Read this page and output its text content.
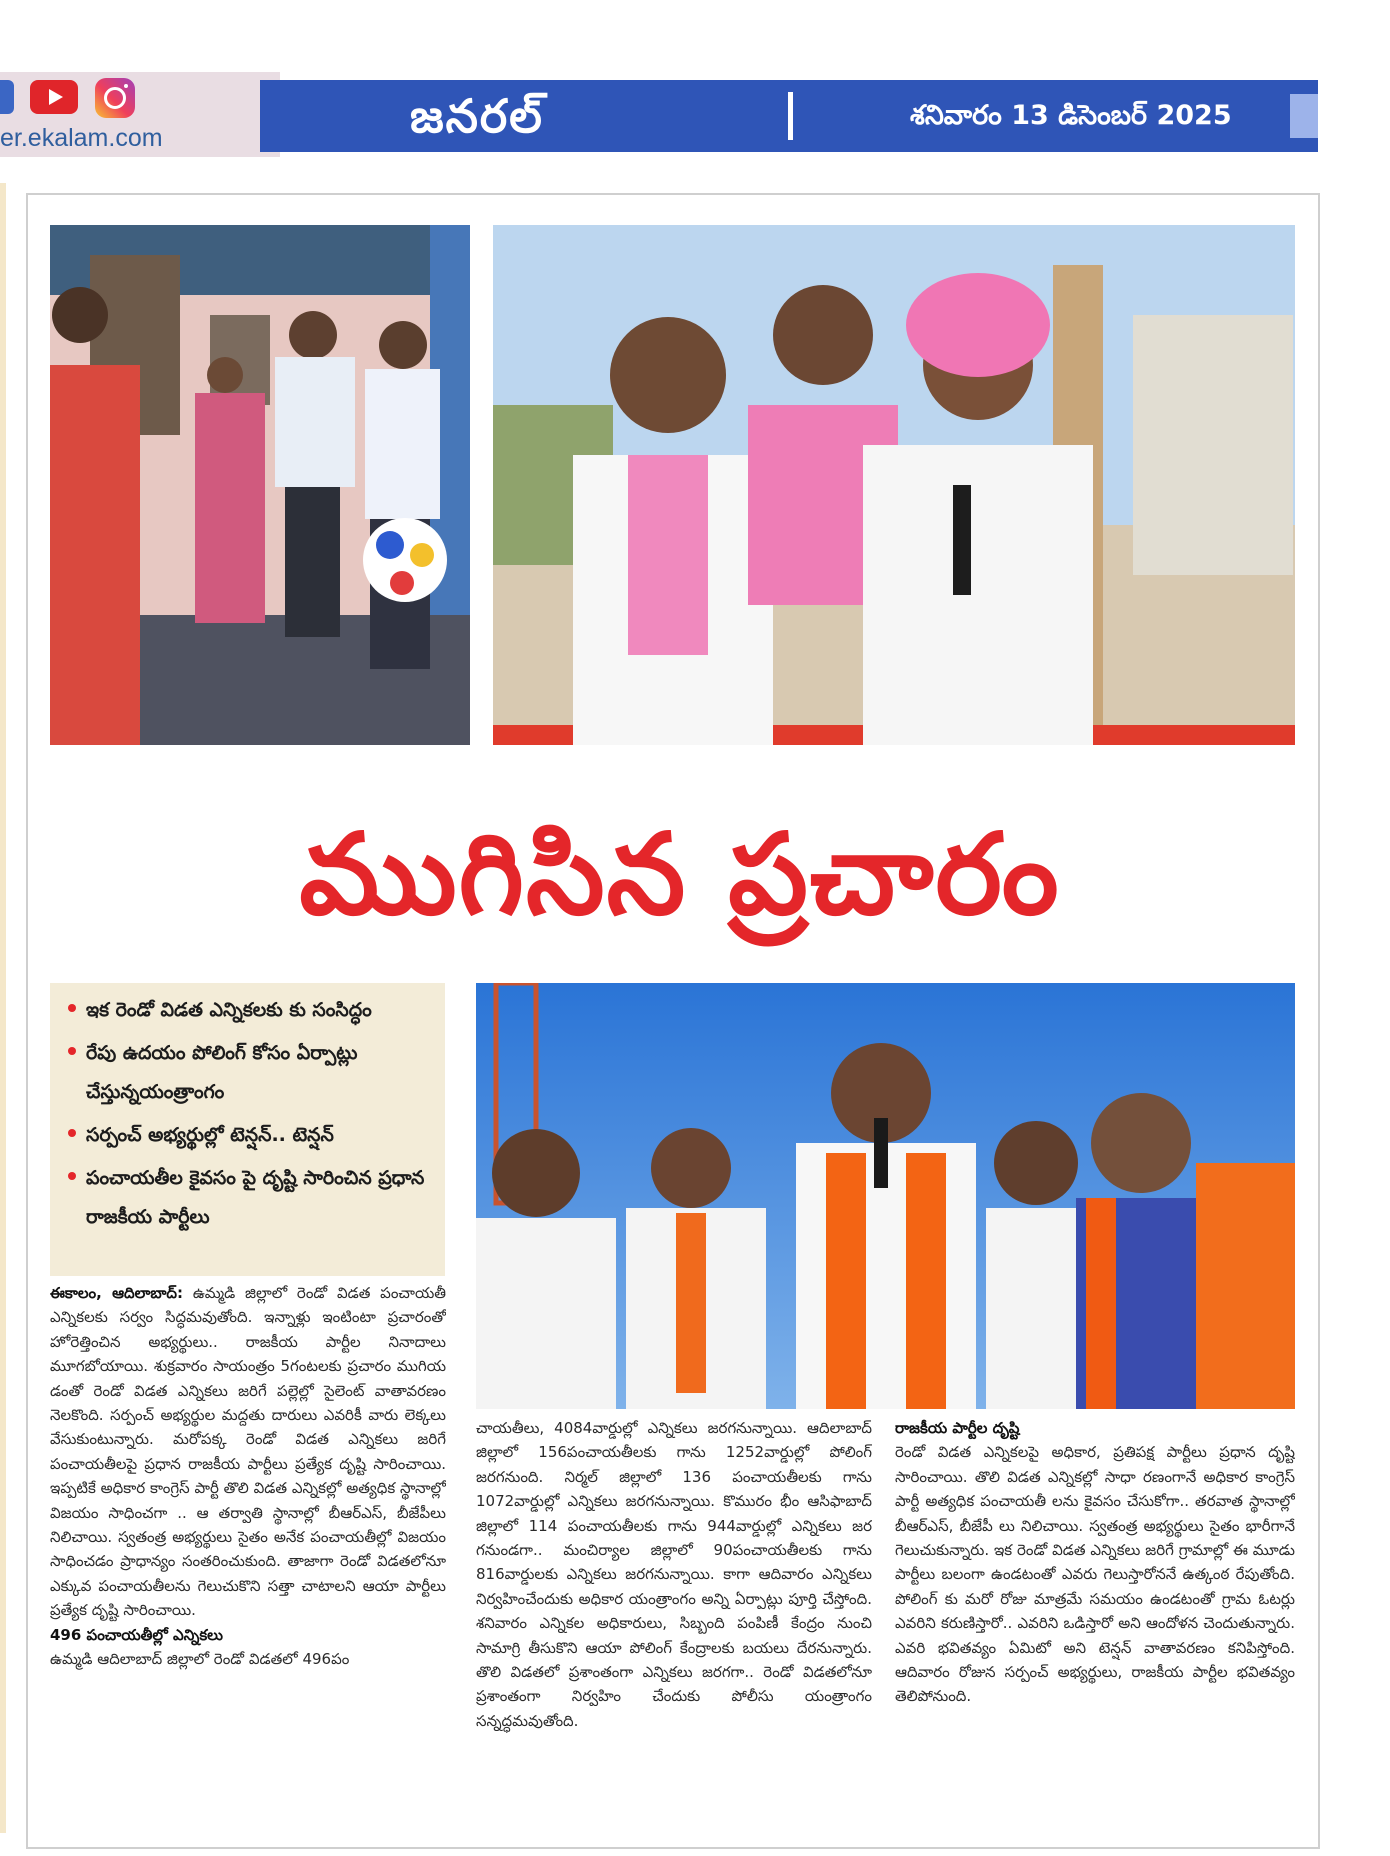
er.ekalam.com	జనరల్	శనివారం 13 డిసెంబర్ 2025
ముగిసిన ప్రచారం
ఇక రెండో విడత ఎన్నికలకు కు సంసిద్ధం
రేపు ఉదయం పోలింగ్ కోసం ఏర్పాట్లు చేస్తున్నయంత్రాంగం
సర్పంచ్ అభ్యర్థుల్లో టెన్షన్.. టెన్షన్
పంచాయతీల కైవసం పై దృష్టి సారించిన ప్రధాన రాజకీయ పార్టీలు

ఈకాలం, ఆదిలాబాద్: ఉమ్మడి జిల్లాలో రెండో విడత పంచాయతీ ఎన్నికలకు సర్వం సిద్ధమవుతోంది. ఇన్నాళ్లు ఇంటింటా ప్రచారంతో హోరెత్తించిన అభ్యర్థులు.. రాజకీయ పార్టీల నినాదాలు మూగబోయాయి. శుక్రవారం సాయంత్రం 5గంటలకు ప్రచారం ముగియ డంతో రెండో విడత ఎన్నికలు జరిగే పల్లెల్లో సైలెంట్ వాతావరణం నెలకొంది. సర్పంచ్ అభ్యర్థుల మద్దతు దారులు ఎవరికీ వారు లెక్కలు వేసుకుంటున్నారు. మరోపక్క రెండో విడత ఎన్నికలు జరిగే పంచాయతీలపై ప్రధాన రాజకీయ పార్టీలు ప్రత్యేక దృష్టి సారించాయి. ఇప్పటికే అధికార కాంగ్రెస్ పార్టీ తొలి విడత ఎన్నికల్లో అత్యధిక స్థానాల్లో విజయం సాధించగా .. ఆ తర్వాతి స్థానాల్లో బీఆర్ఎస్, బీజేపీలు నిలిచాయి. స్వతంత్ర అభ్యర్థులు సైతం అనేక పంచాయతీల్లో విజయం సాధించడం ప్రాధాన్యం సంతరించుకుంది. తాజాగా రెండో విడతలోనూ ఎక్కువ పంచాయతీలను గెలుచుకొని సత్తా చాటాలని ఆయా పార్టీలు ప్రత్యేక దృష్టి సారించాయి.

496 పంచాయతీల్లో ఎన్నికలు

ఉమ్మడి ఆదిలాబాద్ జిల్లాలో రెండో విడతలో 496పం

చాయతీలు, 4084వార్డుల్లో ఎన్నికలు జరగనున్నాయి. ఆదిలాబాద్ జిల్లాలో 156పంచాయతీలకు గాను 1252వార్డుల్లో పోలింగ్ జరగనుంది. నిర్మల్ జిల్లాలో 136 పంచాయతీలకు గాను 1072వార్డుల్లో ఎన్నికలు జరగనున్నాయి. కొమురం భీం ఆసిఫాబాద్ జిల్లాలో 114 పంచాయతీలకు గాను 944వార్డుల్లో ఎన్నికలు జర గనుండగా.. మంచిర్యాల జిల్లాలో 90పంచాయతీలకు గాను 816వార్డులకు ఎన్నికలు జరగనున్నాయి. కాగా ఆదివారం ఎన్నికలు నిర్వహించేందుకు అధికార యంత్రాంగం అన్ని ఏర్పాట్లు పూర్తి చేస్తోంది. శనివారం ఎన్నికల అధికారులు, సిబ్బంది పంపిణీ కేంద్రం నుంచి సామాగ్రి తీసుకొని ఆయా పోలింగ్ కేంద్రాలకు బయలు దేరనున్నారు. తొలి విడతలో ప్రశాంతంగా ఎన్నికలు జరగగా.. రెండో విడతలోనూ ప్రశాంతంగా నిర్వహిం చేందుకు పోలీసు యంత్రాంగం సన్నద్ధమవుతోంది.

రాజకీయ పార్టీల దృష్టి

రెండో విడత ఎన్నికలపై అధికార, ప్రతిపక్ష పార్టీలు ప్రధాన దృష్టి సారించాయి. తొలి విడత ఎన్నికల్లో సాధా రణంగానే అధికార కాంగ్రెస్ పార్టీ అత్యధిక పంచాయతీ లను కైవసం చేసుకోగా.. తరవాత స్థానాల్లో బీఆర్ఎస్, బీజేపీ లు నిలిచాయి. స్వతంత్ర అభ్యర్థులు సైతం భారీగానే గెలుచుకున్నారు. ఇక రెండో విడత ఎన్నికలు జరిగే గ్రామాల్లో ఈ మూడు పార్టీలు బలంగా ఉండటంతో ఎవరు గెలుస్తారోననే ఉత్కంఠ రేపుతోంది. పోలింగ్ కు మరో రోజు మాత్రమే సమయం ఉండటంతో గ్రామ ఓటర్లు ఎవరిని కరుణిస్తారో.. ఎవరిని ఒడిస్తారో అని ఆందోళన చెందుతున్నారు. ఎవరి భవితవ్యం ఏమిటో అని టెన్షన్ వాతావరణం కనిపిస్తోంది. ఆదివారం రోజున సర్పంచ్ అభ్యర్థులు, రాజకీయ పార్టీల భవితవ్యం తెలిపోనుంది.
